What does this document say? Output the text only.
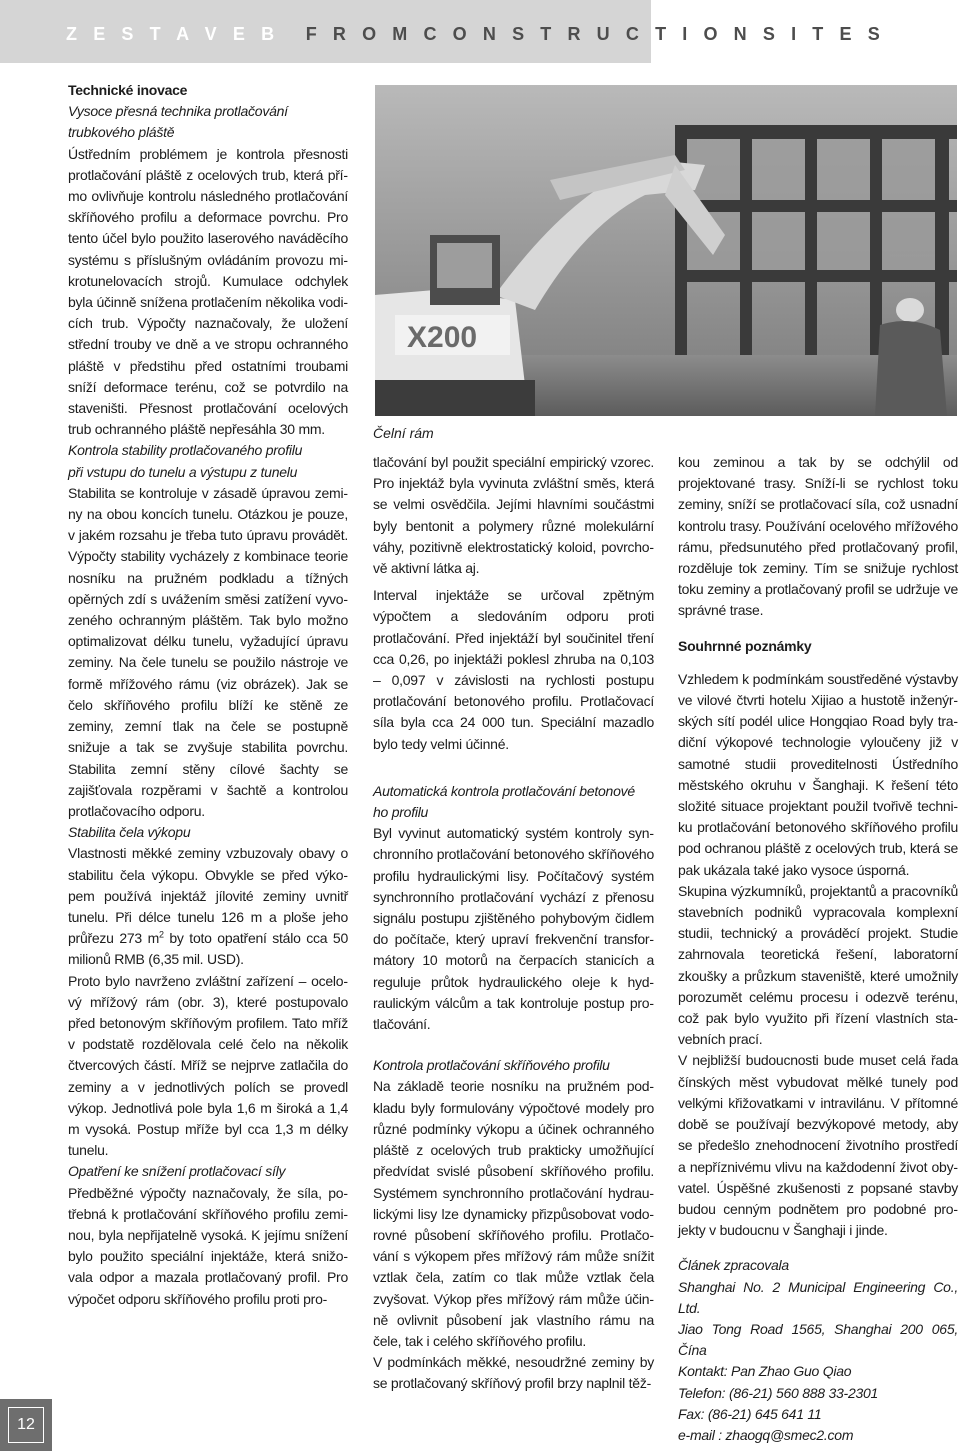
Z E S T A V E B F R O M C O N S T R U C T I O N S I T E S

Technické inovace

Vysoce přesná technika protlačování
trubkového pláště

Ústředním problémem je kontrola přesnosti protlačování pláště z ocelových trub, která přímo ovlivňuje kontrolu následného protlačování skříňového profilu a deformace povrchu. Pro tento účel bylo použito laserového naváděcího systému s příslušným ovládáním provozu mikrotunelovacích strojů. Kumulace odchylek byla účinně snížena protlačením několika vodicích trub. Výpočty naznačovaly, že uložení střední trouby ve dně a ve stropu ochranného pláště v předstihu před ostatními troubami sníží deformace terénu, což se potvrdilo na staveništi. Přesnost protlačování ocelových trub ochranného pláště nepřesáhla 30 mm.

Kontrola stability protlačovaného profilu
při vstupu do tunelu a výstupu z tunelu

Stabilita se kontroluje v zásadě úpravou zeminy na obou koncích tunelu. Otázkou je pouze, v jakém rozsahu je třeba tuto úpravu provádět. Výpočty stability vycházely z kombinace teorie nosníku na pružném podkladu a tížných opěrných zdí s uvážením směsi zatížení vyvozeného ochranným pláštěm. Tak bylo možno optimalizovat délku tunelu, vyžadující úpravu zeminy. Na čele tunelu se použilo nástroje ve formě mřížového rámu (viz obrázek). Jak se čelo skříňového profilu blíží ke stěně ze zeminy, zemní tlak na čele se postupně snižuje a tak se zvyšuje stabilita povrchu. Stabilita zemní stěny cílové šachty se zajišťovala rozpěrami v šachtě a kontrolou protlačovacího odporu.

Stabilita čela výkopu

Vlastnosti měkké zeminy vzbuzovaly obavy o stabilitu čela výkopu. Obvykle se před výkopem používá injektáž jílovité zeminy uvnitř tunelu. Při délce tunelu 126 m a ploše jeho průřezu 273 $m^2$ by toto opatření stálo cca 50 milionů RMB (6,35 mil. USD).

Proto bylo navrženo zvláštní zařízení – ocelový mřížový rám (obr. 3), které postupovalo před betonovým skříňovým profilem. Tato mříž v podstatě rozdělovala celé čelo na několik čtvercových částí. Mříž se nejprve zatlačila do zeminy a v jednotlivých polích se provedl výkop. Jednotlivá pole byla 1,6 m široká a 1,4 m vysoká. Postup mříže byl cca 1,3 m délky tunelu.

Opatření ke snížení protlačovací síly

Předběžné výpočty naznačovaly, že síla, potřebná k protlačování skříňového profilu zeminou, byla nepřijatelně vysoká. K jejímu snížení bylo použito speciální injektáže, která snižovala odpor a mazala protlačovaný profil. Pro výpočet odporu skříňového profilu proti pro-

X200
Čelní rám

tlačování byl použit speciální empirický vzorec. Pro injektáž byla vyvinuta zvláštní směs, která se velmi osvědčila. Jejími hlavními součástmi byly bentonit a polymery různé molekulární váhy, pozitivně elektrostatický koloid, povrchově aktivní látka aj.

Interval injektáže se určoval zpětným výpočtem a sledováním odporu proti protlačování. Před injektáží byl součinitel tření cca 0,26, po injektáži poklesl zhruba na 0,103 – 0,097 v závislosti na rychlosti postupu protlačování betonového profilu. Protlačovací síla byla cca 24 000 tun. Speciální mazadlo bylo tedy velmi účinné.

Automatická kontrola protlačování betonové
ho profilu

Byl vyvinut automatický systém kontroly synchronního protlačování betonového skříňového profilu hydraulickými lisy. Počítačový systém synchronního protlačování vychází z přenosu signálu postupu zjištěného pohybovým čidlem do počítače, který upraví frekvenční transformátory 10 motorů na čerpacích stanicích a reguluje průtok hydraulického oleje k hydraulickým válcům a tak kontroluje postup protlačování.

Kontrola protlačování skříňového profilu

Na základě teorie nosníku na pružném podkladu byly formulovány výpočtové modely pro různé podmínky výkopu a účinek ochranného pláště z ocelových trub prakticky umožňující předvídat svislé působení skříňového profilu. Systémem synchronního protlačování hydraulickými lisy lze dynamicky přizpůsobovat vodorovné působení skříňového profilu. Protlačování s výkopem přes mřížový rám může snížit vztlak čela, zatím co tlak může vztlak čela zvyšovat. Výkop přes mřížový rám může účinně ovlivnit působení jak vlastního rámu na čele, tak i celého skříňového profilu.

V podmínkách měkké, nesoudržné zeminy by se protlačovaný skříňový profil brzy naplnil těž-

kou zeminou a tak by se odchýlil od projektované trasy. Sníží-li se rychlost toku zeminy, sníží se protlačovací síla, což usnadní kontrolu trasy. Používání ocelového mřížového rámu, předsunutého před protlačovaný profil, rozděluje tok zeminy. Tím se snižuje rychlost toku zeminy a protlačovaný profil se udržuje ve správné trase.

Souhrnné poznámky

Vzhledem k podmínkám soustředěné výstavby ve vilové čtvrti hotelu Xijiao a hustotě inženýrských sítí podél ulice Hongqiao Road byly tradiční výkopové technologie vyloučeny již v samotné studii proveditelnosti Ústředního městského okruhu v Šanghaji. K řešení této složité situace projektant použil tvořivě techniku protlačování betonového skříňového profilu pod ochranou pláště z ocelových trub, která se pak ukázala také jako vysoce úsporná.

Skupina výzkumníků, projektantů a pracovníků stavebních podniků vypracovala komplexní studii, technický a prováděcí projekt. Studie zahrnovala teoretická řešení, laboratorní zkoušky a průzkum staveniště, které umožnily porozumět celému procesu i odezvě terénu, což pak bylo využito při řízení vlastních stavebních prací.

V nejbližší budoucnosti bude muset celá řada čínských měst vybudovat mělké tunely pod velkými křižovatkami v intravilánu. V přítomné době se používají bezvýkopové metody, aby se předešlo znehodnocení životního prostředí a nepříznivému vlivu na každodenní život obyvatel. Úspěšné zkušenosti z popsané stavby budou cenným podnětem pro podobné projekty v budoucnu v Šanghaji i jinde.

Článek zpracovala

Shanghai No. 2 Municipal Engineering Co., Ltd.

Jiao Tong Road 1565, Shanghai 200 065, Čína

Kontakt: Pan Zhao Guo Qiao

Telefon: (86-21) 560 888 33-2301

Fax: (86-21) 645 641 11

e-mail : zhaogq@smec2.com

12
